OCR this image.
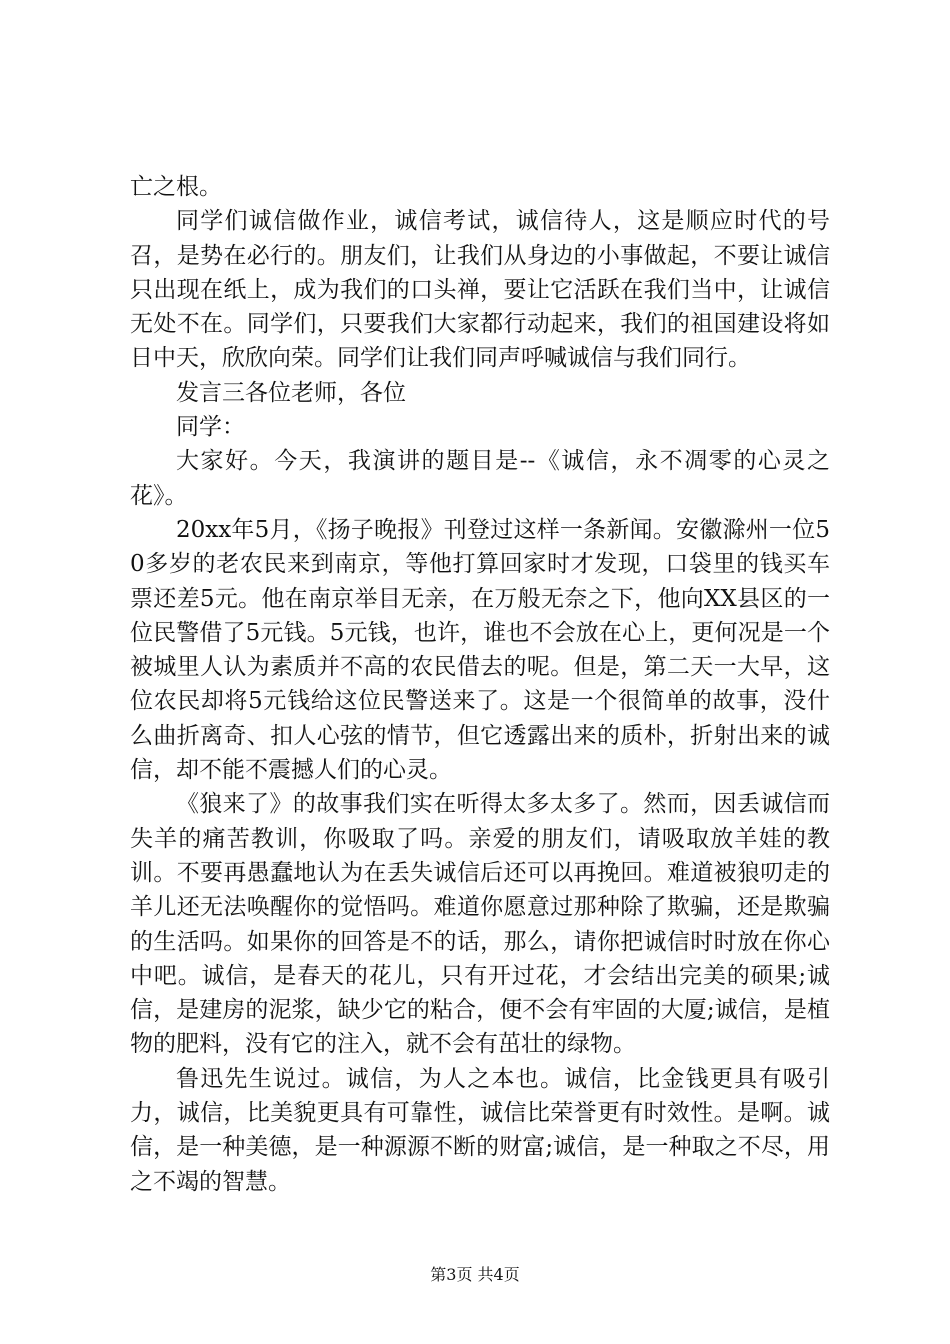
亡之根。

同学们诚信做作业，诚信考试，诚信待人，这是顺应时代的号召，是势在必行的。朋友们，让我们从身边的小事做起，不要让诚信只出现在纸上，成为我们的口头禅，要让它活跃在我们当中，让诚信无处不在。同学们，只要我们大家都行动起来，我们的祖国建设将如日中天，欣欣向荣。同学们让我们同声呼喊诚信与我们同行。

发言三各位老师，各位

同学：

大家好。今天，我演讲的题目是--《诚信，永不凋零的心灵之花》。

20xx年5月，《扬子晚报》刊登过这样一条新闻。安徽滁州一位50多岁的老农民来到南京，等他打算回家时才发现，口袋里的钱买车票还差5元。他在南京举目无亲，在万般无奈之下，他向XX县区的一位民警借了5元钱。5元钱，也许，谁也不会放在心上，更何况是一个被城里人认为素质并不高的农民借去的呢。但是，第二天一大早，这位农民却将5元钱给这位民警送来了。这是一个很简单的故事，没什么曲折离奇、扣人心弦的情节，但它透露出来的质朴，折射出来的诚信，却不能不震撼人们的心灵。

《狼来了》的故事我们实在听得太多太多了。然而，因丢诚信而失羊的痛苦教训，你吸取了吗。亲爱的朋友们，请吸取放羊娃的教训。不要再愚蠢地认为在丢失诚信后还可以再挽回。难道被狼叨走的羊儿还无法唤醒你的觉悟吗。难道你愿意过那种除了欺骗，还是欺骗的生活吗。如果你的回答是不的话，那么，请你把诚信时时放在你心中吧。诚信，是春天的花儿，只有开过花，才会结出完美的硕果;诚信，是建房的泥浆，缺少它的粘合，便不会有牢固的大厦;诚信，是植物的肥料，没有它的注入，就不会有茁壮的绿物。

鲁迅先生说过。诚信，为人之本也。诚信，比金钱更具有吸引力，诚信，比美貌更具有可靠性，诚信比荣誉更有时效性。是啊。诚信，是一种美德，是一种源源不断的财富;诚信，是一种取之不尽，用之不竭的智慧。

第3页 共4页
